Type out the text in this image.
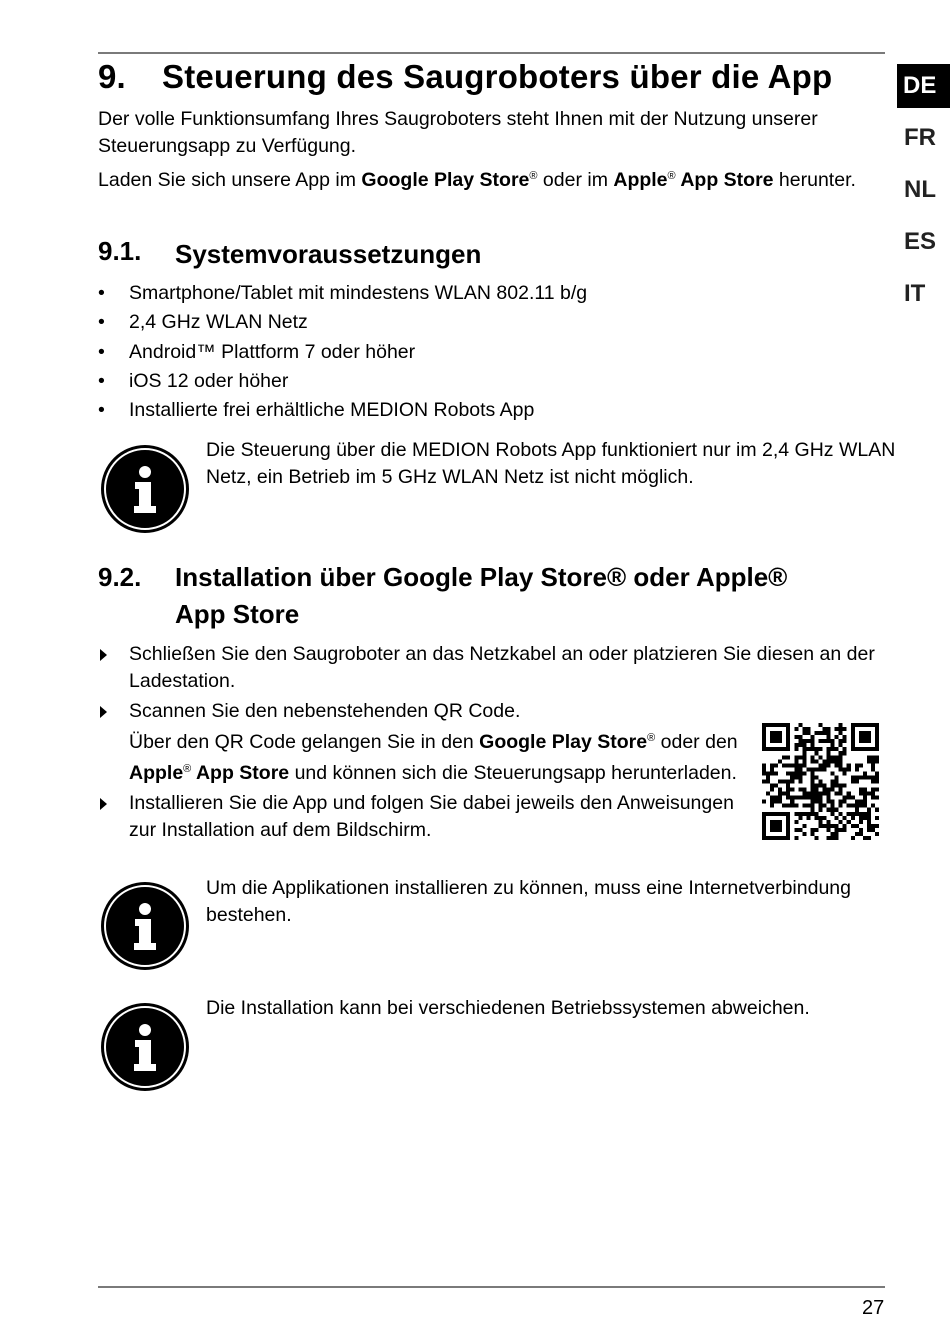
DE
FR
NL
ES
IT
9. Steuerung des Saugroboters über die App
Der volle Funktionsumfang Ihres Saugroboters steht Ihnen mit der Nutzung unserer Steuerungsapp zu Verfügung.
Laden Sie sich unsere App im Google Play Store® oder im Apple® App Store herunter.
9.1. Systemvoraussetzungen
• Smartphone/Tablet mit mindestens WLAN 802.11 b/g
• 2,4 GHz WLAN Netz
• Android™ Plattform 7 oder höher
• iOS 12 oder höher
• Installierte frei erhältliche MEDION Robots App
Die Steuerung über die MEDION Robots App funktioniert nur im 2,4 GHz WLAN Netz, ein Betrieb im 5 GHz WLAN Netz ist nicht möglich.
9.2. Installation über Google Play Store® oder Apple®
App Store
Schließen Sie den Saugroboter an das Netzkabel an oder platzieren Sie diesen an der Ladestation.
Scannen Sie den nebenstehenden QR Code.
Über den QR Code gelangen Sie in den Google Play Store® oder den Apple® App Store und können sich die Steuerungsapp herunterladen.
Installieren Sie die App und folgen Sie dabei jeweils den Anweisungen zur Installation auf dem Bildschirm.
Um die Applikationen installieren zu können, muss eine Internetverbindung bestehen.
Die Installation kann bei verschiedenen Betriebssystemen abweichen.
27
